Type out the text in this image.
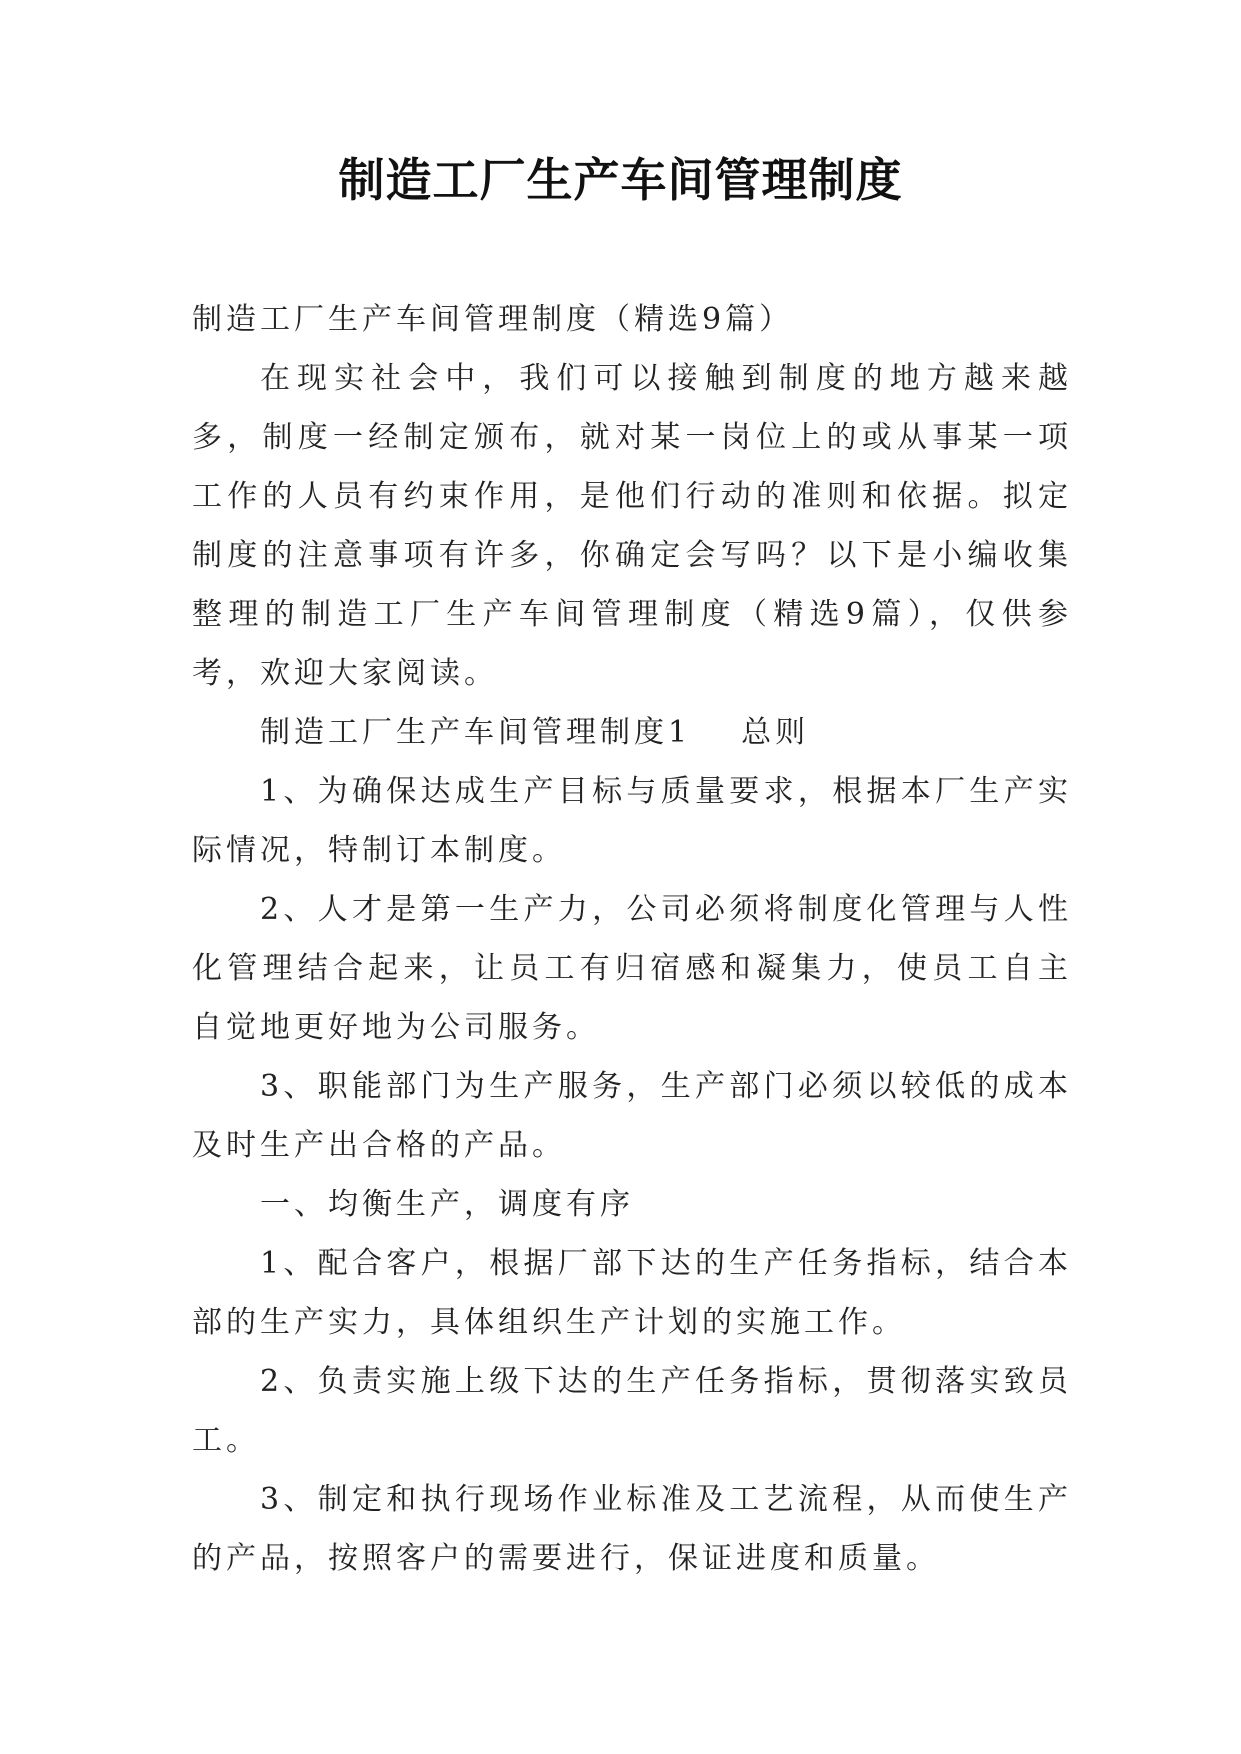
制造工厂生产车间管理制度

制造工厂生产车间管理制度（精选9篇）

在现实社会中，我们可以接触到制度的地方越来越多，制度一经制定颁布，就对某一岗位上的或从事某一项工作的人员有约束作用，是他们行动的准则和依据。拟定制度的注意事项有许多，你确定会写吗？以下是小编收集整理的制造工厂生产车间管理制度（精选9篇），仅供参考，欢迎大家阅读。

制造工厂生产车间管理制度1 总则

1、为确保达成生产目标与质量要求，根据本厂生产实际情况，特制订本制度。

2、人才是第一生产力，公司必须将制度化管理与人性化管理结合起来，让员工有归宿感和凝集力，使员工自主自觉地更好地为公司服务。

3、职能部门为生产服务，生产部门必须以较低的成本及时生产出合格的产品。

一、均衡生产，调度有序

1、配合客户，根据厂部下达的生产任务指标，结合本部的生产实力，具体组织生产计划的实施工作。

2、负责实施上级下达的生产任务指标，贯彻落实致员工。

3、制定和执行现场作业标准及工艺流程，从而使生产的产品，按照客户的需要进行，保证进度和质量。
